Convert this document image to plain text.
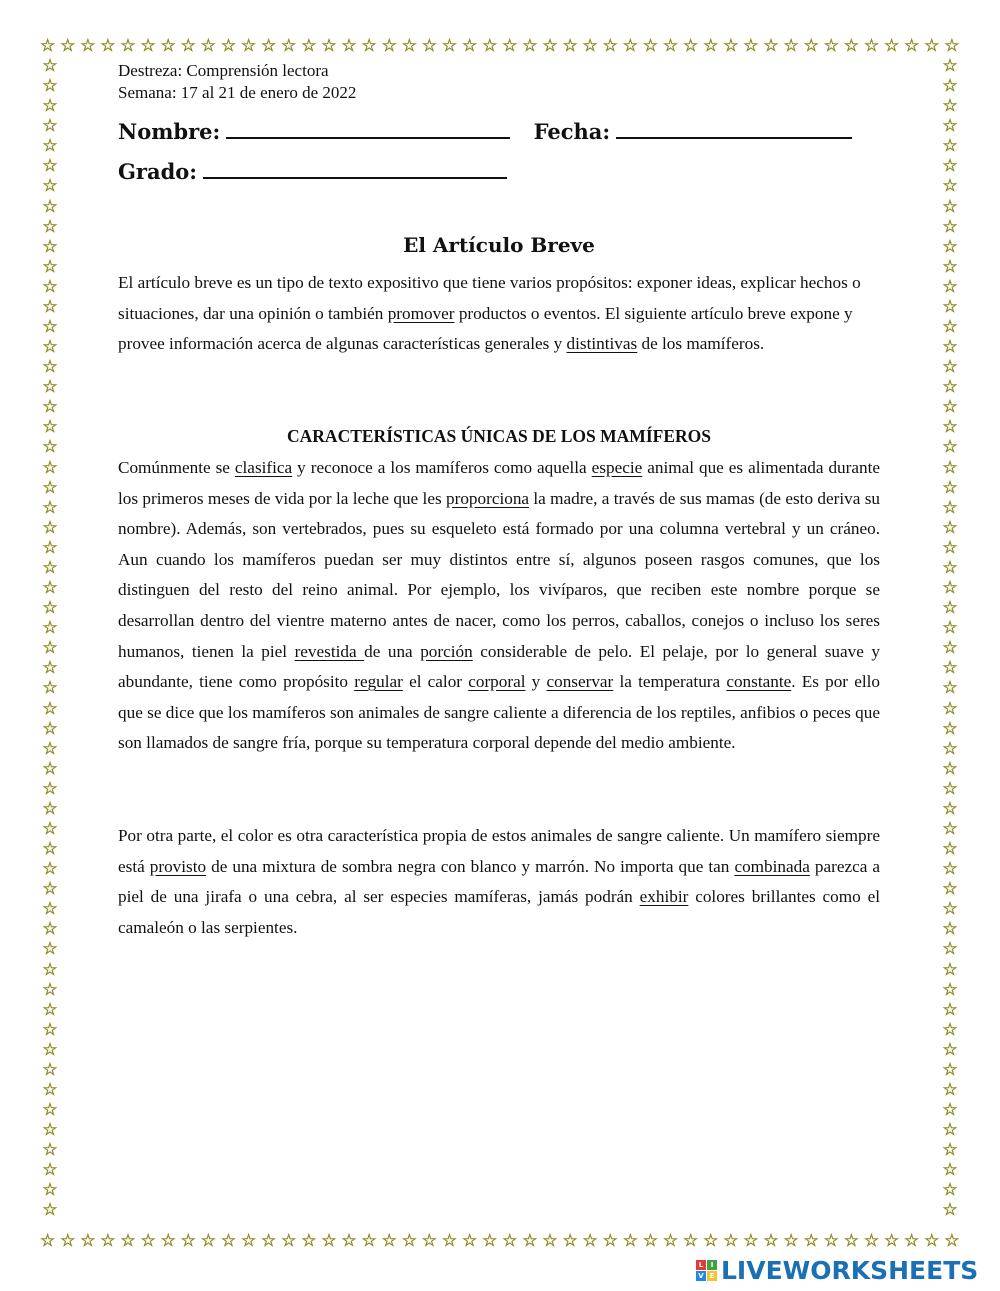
☆ ☆ ☆ ☆ ☆ ☆ ☆ ☆ ☆ ☆ ☆ ☆ ☆ ☆ ☆ ☆ ☆ ☆ ☆ ☆ ☆ ☆ ☆ ☆ ☆ ☆ ☆ ☆ ☆ ☆ ☆ ☆ ☆ ☆ ☆ ☆ ☆ ☆ ☆ ☆ ☆ ☆ ☆ ☆ ☆ ☆
☆ ☆ ☆ ☆ ☆ ☆ ☆ ☆ ☆ ☆ ☆ ☆ ☆ ☆ ☆ ☆ ☆ ☆ ☆ ☆ ☆ ☆ ☆ ☆ ☆ ☆ ☆ ☆ ☆ ☆ ☆ ☆ ☆ ☆ ☆ ☆ ☆ ☆ ☆ ☆ ☆ ☆ ☆ ☆ ☆ ☆
☆
☆
☆
☆
☆
☆
☆
☆
☆
☆
☆
☆
☆
☆
☆
☆
☆
☆
☆
☆
☆
☆
☆
☆
☆
☆
☆
☆
☆
☆
☆
☆
☆
☆
☆
☆
☆
☆
☆
☆
☆
☆
☆
☆
☆
☆
☆
☆
☆
☆
☆
☆
☆
☆
☆
☆
☆
☆
☆
☆
☆
☆
☆
☆
☆
☆
☆
☆
☆
☆
☆
☆
☆
☆
☆
☆
☆
☆
☆
☆
☆
☆
☆
☆
☆
☆
☆
☆
☆
☆
☆
☆
☆
☆
☆
☆
☆
☆
☆
☆
☆
☆
☆
☆
☆
☆
☆
☆
☆
☆
☆
☆
☆
☆
☆
☆
Destreza: Comprensión lectora
Semana: 17 al 21 de enero de 2022
Nombre:	Fecha:
Grado:
El Artículo Breve

El artículo breve es un tipo de texto expositivo que tiene varios propósitos: exponer ideas, explicar hechos o situaciones, dar una opinión o también promover productos o eventos. El siguiente artículo breve expone y provee información acerca de algunas características generales y distintivas de los mamíferos.

CARACTERÍSTICAS ÚNICAS DE LOS MAMÍFEROS

Comúnmente se clasifica y reconoce a los mamíferos como aquella especie animal que es alimentada durante los primeros meses de vida por la leche que les proporciona la madre, a través de sus mamas (de esto deriva su nombre). Además, son vertebrados, pues su esqueleto está formado por una columna vertebral y un cráneo. Aun cuando los mamíferos puedan ser muy distintos entre sí, algunos poseen rasgos comunes, que los distinguen del resto del reino animal. Por ejemplo, los vivíparos, que reciben este nombre porque se desarrollan dentro del vientre materno antes de nacer, como los perros, caballos, conejos o incluso los seres humanos, tienen la piel revestida de una porción considerable de pelo. El pelaje, por lo general suave y abundante, tiene como propósito regular el calor corporal y conservar la temperatura constante. Es por ello que se dice que los mamíferos son animales de sangre caliente a diferencia de los reptiles, anfibios o peces que son llamados de sangre fría, porque su temperatura corporal depende del medio ambiente.

Por otra parte, el color es otra característica propia de estos animales de sangre caliente. Un mamífero siempre está provisto de una mixtura de sombra negra con blanco y marrón. No importa que tan combinada parezca a piel de una jirafa o una cebra, al ser especies mamíferas, jamás podrán exhibir colores brillantes como el camaleón o las serpientes.

L	I
V E LIVEWORKSHEETS
